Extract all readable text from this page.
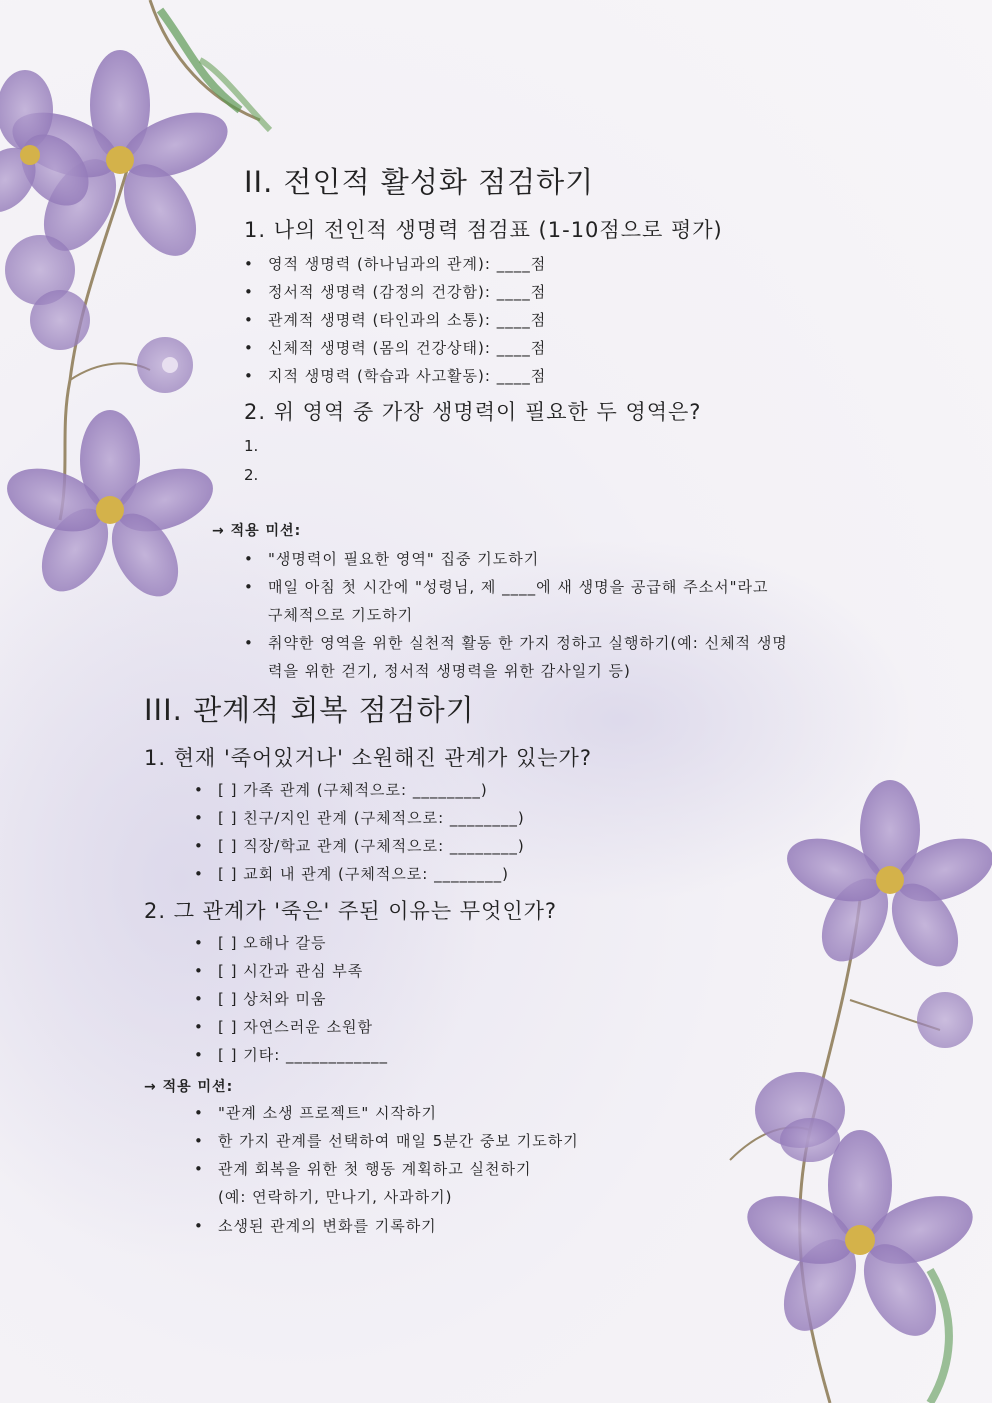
II. 전인적 활성화 점검하기
1. 나의 전인적 생명력 점검표 (1-10점으로 평가)
• 영적 생명력 (하나님과의 관계): ____점
• 정서적 생명력 (감정의 건강함): ____점
• 관계적 생명력 (타인과의 소통): ____점
• 신체적 생명력 (몸의 건강상태): ____점
• 지적 생명력 (학습과 사고활동): ____점
2. 위 영역 중 가장 생명력이 필요한 두 영역은?
1.
2.
→ 적용 미션:
• "생명력이 필요한 영역" 집중 기도하기
• 매일 아침 첫 시간에 "성령님, 제 ____에 새 생명을 공급해 주소서"라고
구체적으로 기도하기
• 취약한 영역을 위한 실천적 활동 한 가지 정하고 실행하기(예: 신체적 생명
력을 위한 걷기, 정서적 생명력을 위한 감사일기 등)
III. 관계적 회복 점검하기
1. 현재 '죽어있거나' 소원해진 관계가 있는가?
• [ ] 가족 관계 (구체적으로: ________)
• [ ] 친구/지인 관계 (구체적으로: ________)
• [ ] 직장/학교 관계 (구체적으로: ________)
• [ ] 교회 내 관계 (구체적으로: ________)
2. 그 관계가 '죽은' 주된 이유는 무엇인가?
• [ ] 오해나 갈등
• [ ] 시간과 관심 부족
• [ ] 상처와 미움
• [ ] 자연스러운 소원함
• [ ] 기타: ____________
→ 적용 미션:
• "관계 소생 프로젝트" 시작하기
• 한 가지 관계를 선택하여 매일 5분간 중보 기도하기
• 관계 회복을 위한 첫 행동 계획하고 실천하기
(예: 연락하기, 만나기, 사과하기)
• 소생된 관계의 변화를 기록하기
